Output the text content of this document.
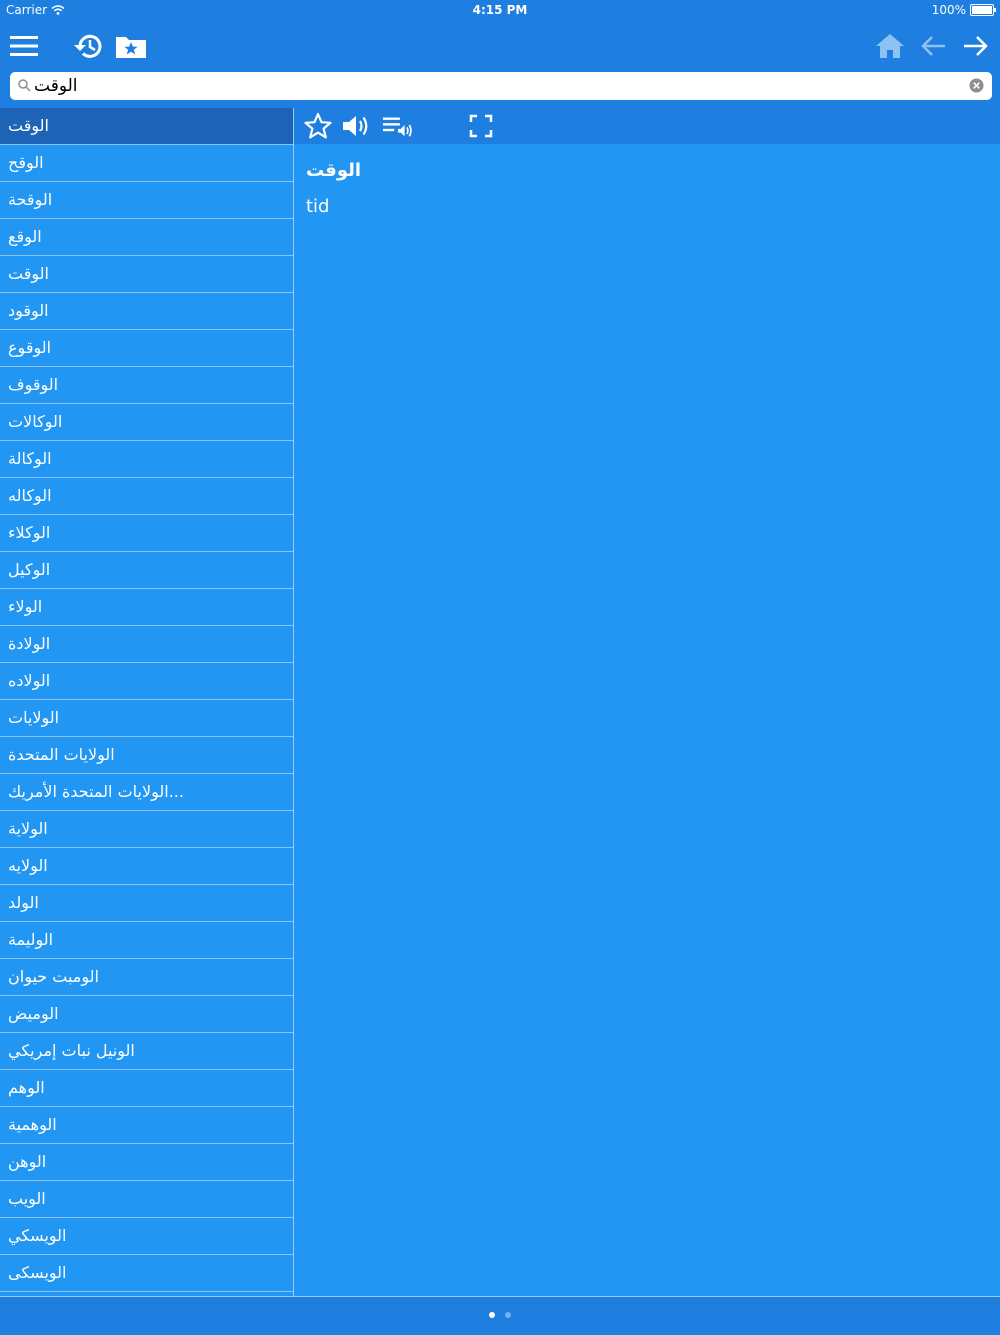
Carrier	4:15 PM	100%
الوقت
الوقت
الوقح
الوقحة
الوقع
الوقت
الوقود
الوقوع
الوقوف
الوكالات
الوكالة
الوكاله
الوكلاء
الوكيل
الولاء
الولادة
الولاده
الولايات
الولايات المتحدة
الولايات المتحدة الأمريك...
الولاية
الولايه
الولد
الوليمة
الومبت حيوان
الوميض
الونيل نبات إمريكي
الوهم
الوهمية
الوهن
الويب
الويسكي
الويسكى
الوقت
tid
